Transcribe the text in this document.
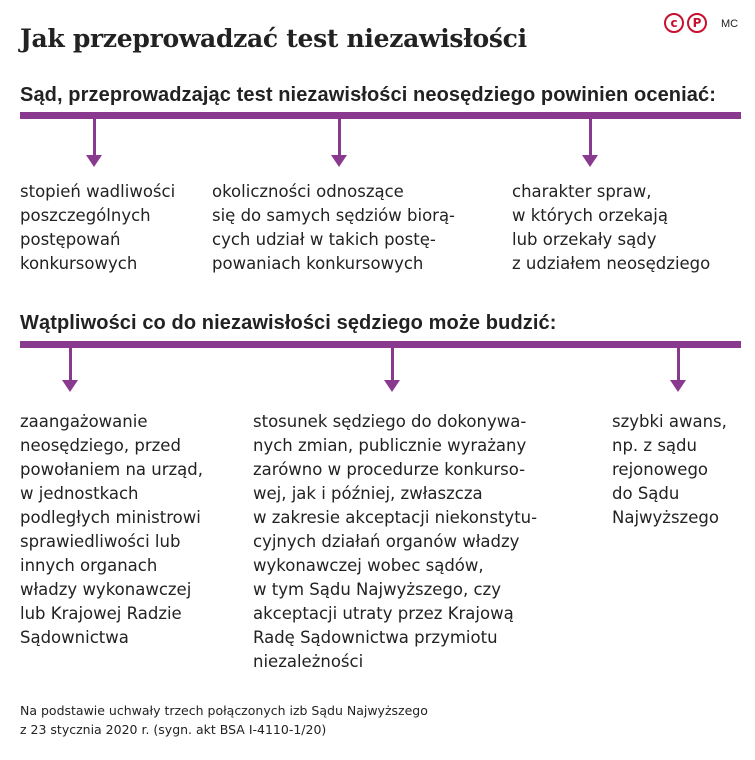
Jak przeprowadzać test niezawisłości
c	P	MC
Sąd, przeprowadzając test niezawisłości neosędziego powinien oceniać:
stopień wadliwości
poszczególnych
postępowań
konkursowych
okoliczności odnoszące
się do samych sędziów biorą-
cych udział w takich postę-
powaniach konkursowych
charakter spraw,
w których orzekają
lub orzekały sądy
z udziałem neosędziego
Wątpliwości co do niezawisłości sędziego może budzić:
zaangażowanie
neosędziego, przed
powołaniem na urząd,
w jednostkach
podległych ministrowi
sprawiedliwości lub
innych organach
władzy wykonawczej
lub Krajowej Radzie
Sądownictwa
stosunek sędziego do dokonywa-
nych zmian, publicznie wyrażany
zarówno w procedurze konkurso-
wej, jak i później, zwłaszcza
w zakresie akceptacji niekonstytu-
cyjnych działań organów władzy
wykonawczej wobec sądów,
w tym Sądu Najwyższego, czy
akceptacji utraty przez Krajową
Radę Sądownictwa przymiotu
niezależności
szybki awans,
np. z sądu
rejonowego
do Sądu
Najwyższego
Na podstawie uchwały trzech połączonych izb Sądu Najwyższego
z 23 stycznia 2020 r. (sygn. akt BSA I-4110-1/20)
